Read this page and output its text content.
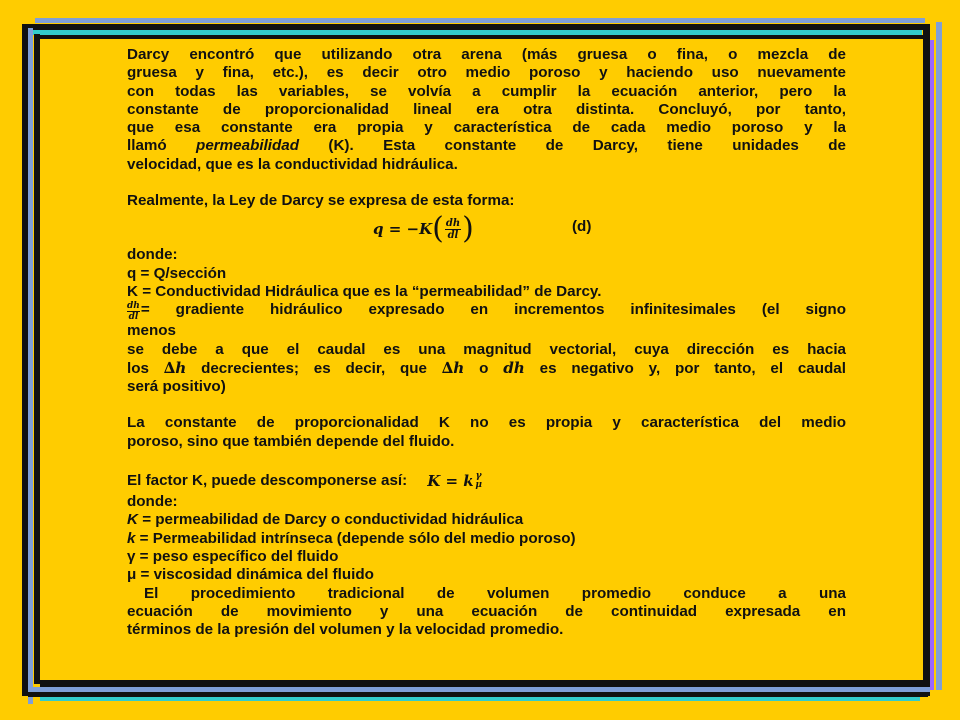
Darcy encontró que utilizando otra arena (más gruesa o fina, o mezcla de

gruesa y fina, etc.), es decir otro medio poroso y haciendo uso nuevamente

con todas las variables, se volvía a cumplir la ecuación anterior, pero la

constante de proporcionalidad lineal era otra distinta. Concluyó, por tanto,

que esa constante era propia y característica de cada medio poroso y la

llamó permeabilidad (K). Esta constante de Darcy, tiene unidades de

velocidad, que es la conductividad hidráulica.

Realmente, la Ley de Darcy se expresa de esta forma:

q = −K ( $\frac{dh}{dl}$ )	(d)

donde:

q = Q/sección

K = Conductividad Hidráulica que es la “permeabilidad” de Darcy.

$\frac{dh}{dl}$ = gradiente hidráulico expresado en incrementos infinitesimales (el signo

menos

se debe a que el caudal es una magnitud vectorial, cuya dirección es hacia

los ∆h decrecientes; es decir, que ∆h o dh es negativo y, por tanto, el caudal

será positivo)

La constante de proporcionalidad K no es propia y característica del medio

poroso, sino que también depende del fluido.

El factor K, puede descomponerse así: K = k γ
μ

donde:

K = permeabilidad de Darcy o conductividad hidráulica

k = Permeabilidad intrínseca (depende sólo del medio poroso)

γ = peso específico del fluido

μ = viscosidad dinámica del fluido

El procedimiento tradicional de volumen promedio conduce a una

ecuación de movimiento y una ecuación de continuidad expresada en

términos de la presión del volumen y la velocidad promedio.
